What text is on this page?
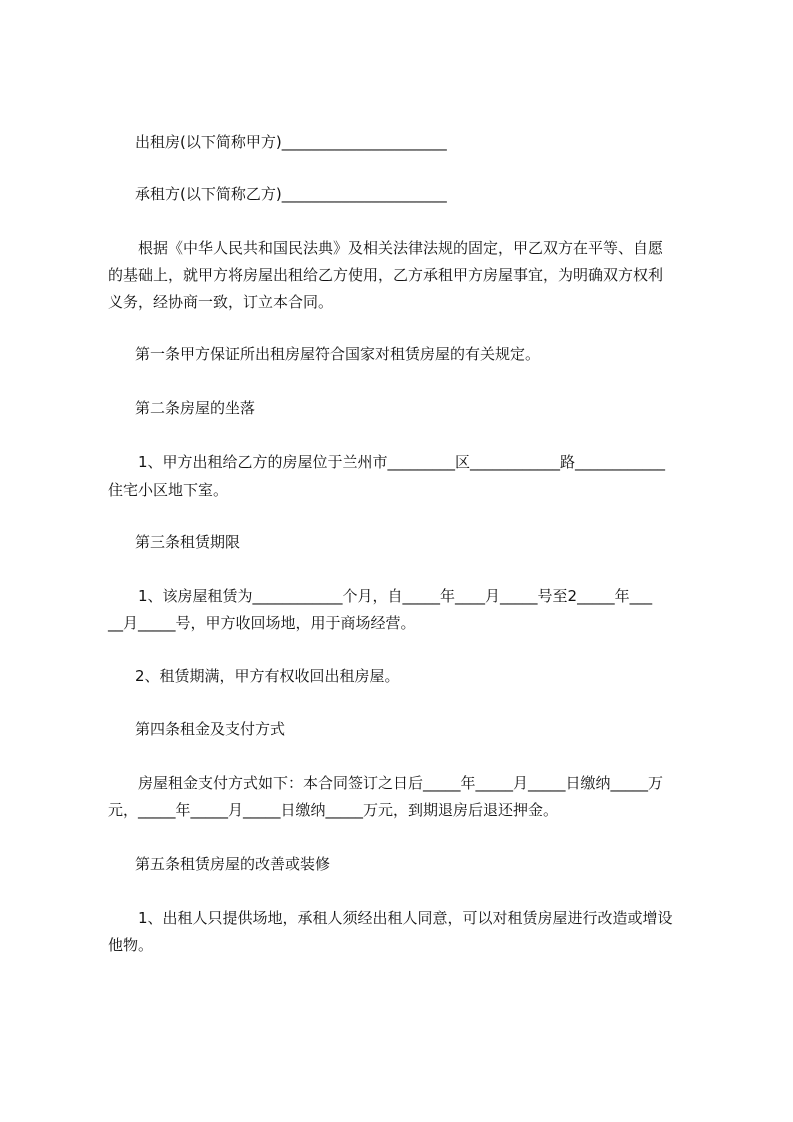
出租房(以下简称甲方)______________________
承租方(以下简称乙方)______________________
根据《中华人民共和国民法典》及相关法律法规的固定，甲乙双方在平等、自愿
的基础上，就甲方将房屋出租给乙方使用，乙方承租甲方房屋事宜，为明确双方权利
义务，经协商一致，订立本合同。
第一条甲方保证所出租房屋符合国家对租赁房屋的有关规定。
第二条房屋的坐落
1、甲方出租给乙方的房屋位于兰州市_________区____________路____________
住宅小区地下室。
第三条租赁期限
1、该房屋租赁为____________个月，自_____年____月_____号至2_____年___
__月_____号，甲方收回场地，用于商场经营。
2、租赁期满，甲方有权收回出租房屋。
第四条租金及支付方式
房屋租金支付方式如下：本合同签订之日后_____年_____月_____日缴纳_____万
元，_____年_____月_____日缴纳_____万元，到期退房后退还押金。
第五条租赁房屋的改善或装修
1、出租人只提供场地，承租人须经出租人同意，可以对租赁房屋进行改造或增设
他物。
